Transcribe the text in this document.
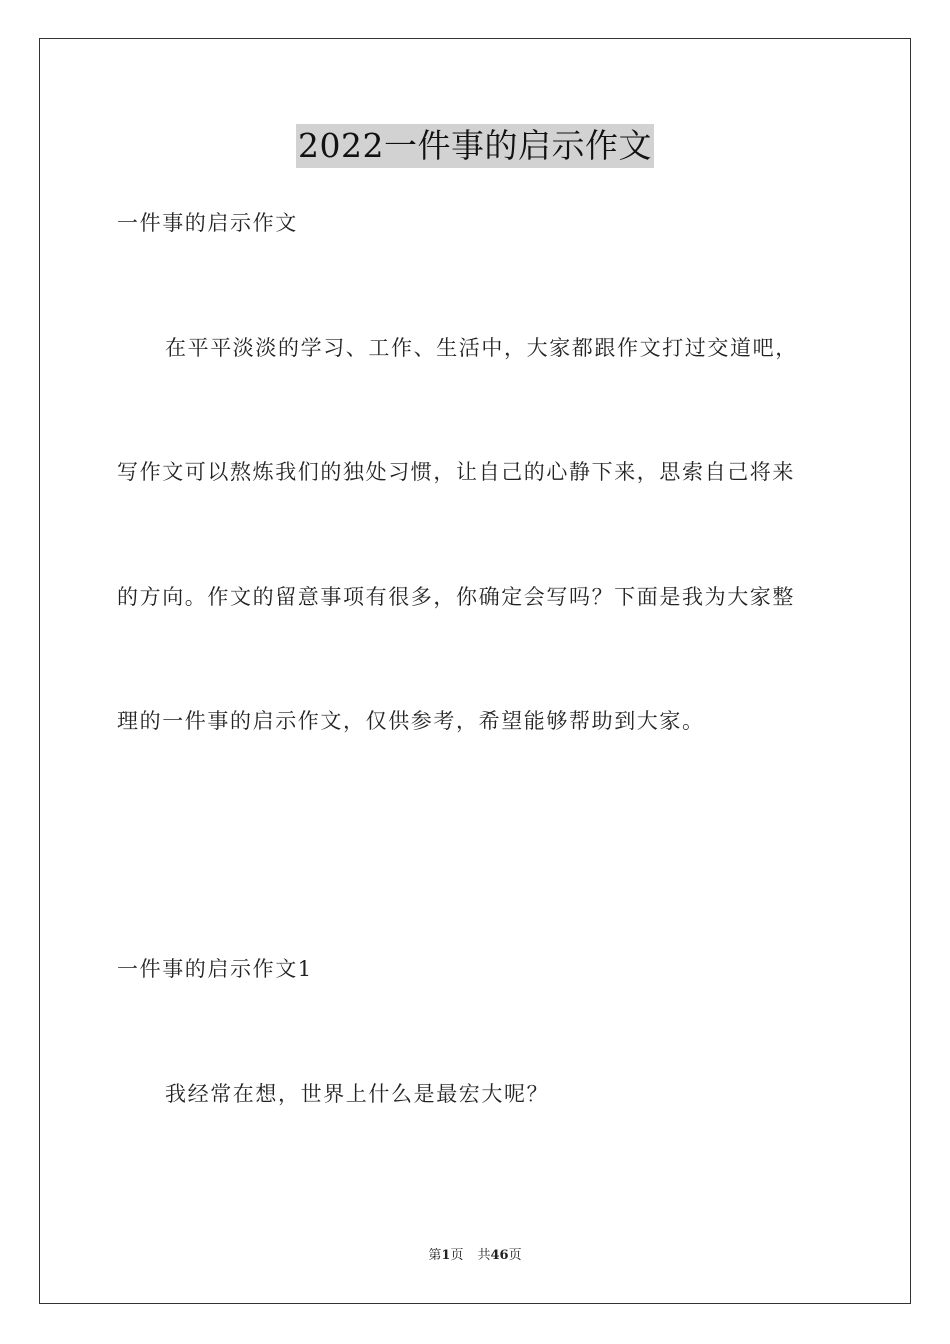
2022一件事的启示作文
一件事的启示作文
在平平淡淡的学习、工作、生活中，大家都跟作文打过交道吧，
写作文可以熬炼我们的独处习惯，让自己的心静下来，思索自己将来
的方向。作文的留意事项有很多，你确定会写吗？下面是我为大家整
理的一件事的启示作文，仅供参考，希望能够帮助到大家。
一件事的启示作文1
我经常在想，世界上什么是最宏大呢？
第1页 共46页
